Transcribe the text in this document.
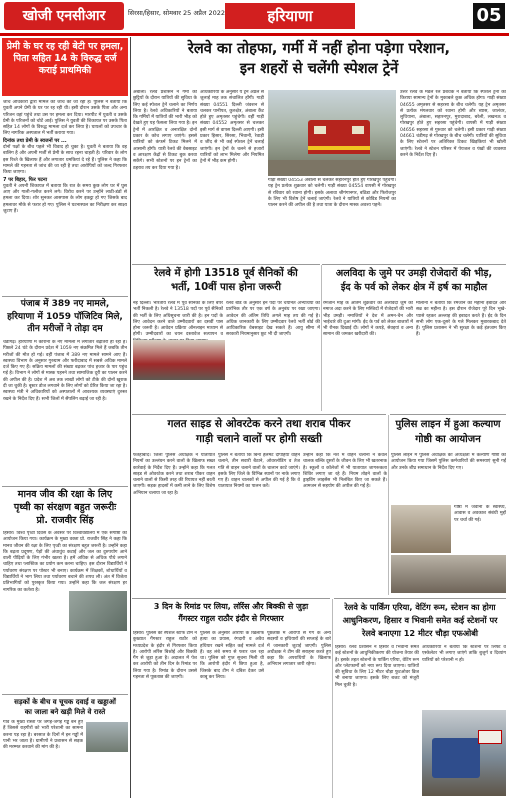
खोजी एनसीआर	सिरसा/हिसार, सोमवार 25 अप्रैल 2022	हरियाणा	05
प्रेमी के घर रह रही बेटी पर हमला, पिता सहित 14 के विरुद्ध दर्ज कराई प्राथमिकी
जांच अधिकारी द्वारा मामले की जांच की जा रही है। पुलिस ने बताया कि युवती अपने प्रेमी के घर पर रह रही थी। इसी दौरान उसके पिता और अन्य परिजन वहां पहुंचे तथा उस पर हमला कर दिया। मारपीट में युवती व उसके प्रेमी के परिजनों को चोटें आईं। पुलिस ने युवती की शिकायत पर उसके पिता सहित 14 लोगों के विरुद्ध मामला दर्ज कर लिया है। घायलों को उपचार के लिए नागरिक अस्पताल में भर्ती कराया गया।
दिनांक तथा प्रेमी के स्वजनों पर ...
दोनों पक्षों के बीच पहले भी विवाद हो चुका है। युवती ने बताया कि वह बालिग है और अपनी मर्जी से प्रेमी के साथ रहना चाहती है। परिवार के लोग इस रिश्ते के खिलाफ हैं और लगातार धमकियां दे रहे हैं। पुलिस ने कहा कि मामले की गहनता से जांच की जा रही है तथा आरोपियों को जल्द गिरफ्तार किया जाएगा।
7 पर बिहार, फिर पटना
युवती ने अपनी शिकायत में बताया कि रात के समय कुछ लोग घर में घुस आए और गाली-गलौज करने लगे। विरोध करने पर उन्होंने लाठी-डंडों से हमला कर दिया। शोर सुनकर आसपास के लोग इकट्ठा हो गए जिसके बाद हमलावर मौके से फरार हो गए। पुलिस ने घटनास्थल का निरीक्षण कर साक्ष्य जुटाए हैं।
पंजाब में 389 नए मामले,
हरियाणा में 1059 पॉजिटिव मिले,
तीन मरीजों ने तोड़ा दम
चंडीगढ़। हरियाणा में कोरोना के नए मामलों में लगातार बढ़ोतरी हो रही है। पिछले 24 घंटे के दौरान प्रदेश में 1059 नए संक्रमित मिले हैं जबकि तीन मरीजों की मौत हो गई। वहीं पंजाब में 389 नए मामले सामने आए हैं। स्वास्थ्य विभाग के अनुसार गुरुग्राम और फरीदाबाद में सबसे अधिक मामले दर्ज किए गए हैं। सक्रिय मामलों की संख्या बढ़कर पांच हजार के पार पहुंच गई है। विभाग ने लोगों से मास्क पहनने तथा सामाजिक दूरी का पालन करने की अपील की है। प्रदेश में अब तक लाखों लोगों को टीके की दोनों खुराक दी जा चुकी है। बूस्टर डोज लगवाने के लिए लोगों को प्रेरित किया जा रहा है। स्वास्थ्य मंत्री ने अधिकारियों को अस्पतालों में आवश्यक व्यवस्थाएं दुरुस्त रखने के निर्देश दिए हैं। सभी जिलों में सैंपलिंग बढ़ाई जा रही है।
मानव जीव की रक्षा के लिए
पृथ्वी का संरक्षण बहुत जरूरीः
प्रो. राजवीर सिंह
हिसार। विश्व पृथ्वी दिवस के अवसर पर विश्वविद्यालय में एक संगोष्ठी का आयोजन किया गया। कार्यक्रम के मुख्य वक्ता प्रो. राजवीर सिंह ने कहा कि मानव जीवन की रक्षा के लिए पृथ्वी का संरक्षण बहुत जरूरी है। उन्होंने कहा कि बढ़ता प्रदूषण, पेड़ों की अंधाधुंध कटाई और जल का दुरुपयोग आने वाली पीढ़ियों के लिए गंभीर खतरा है। हमें अधिक से अधिक पौधे लगाने चाहिए तथा प्लास्टिक का प्रयोग कम करना चाहिए। इस दौरान विद्यार्थियों ने पर्यावरण संरक्षण पर पोस्टर भी बनाए। कार्यक्रम में शिक्षकों, शोधार्थियों व विद्यार्थियों ने भाग लिया तथा पर्यावरण बचाने की शपथ ली। अंत में विजेता प्रतिभागियों को पुरस्कृत किया गया। उन्होंने कहा कि जल संरक्षण हर नागरिक का कर्तव्य है।
सड़कों के बीच व चूचक दवाई व खड्डाओं
का जाला बने खड़ी मिले वे रास्ते
गांव के मुख्य रास्तों पर जगह-जगह गड्ढे बने हुए हैं जिससे राहगीरों को भारी परेशानी का सामना करना पड़ रहा है। बरसात के दिनों में इन गड्ढों में पानी भर जाता है। ग्रामीणों ने प्रशासन से सड़क की मरम्मत करवाने की मांग की है।
रेलवे का तोहफा, गर्मी में नहीं होना पड़ेगा परेशान,
इन शहरों से चलेंगी स्पेशल ट्रेनें
अंबाला। रेलवे प्रशासन ने गर्मी की छुट्टियों के दौरान यात्रियों की सुविधा के लिए कई स्पेशल ट्रेनें चलाने का निर्णय लिया है। रेलवे अधिकारियों ने बताया कि गर्मियों में यात्रियों की भारी भीड़ को देखते हुए यह फैसला लिया गया है। इन ट्रेनों में आरक्षित व अनारक्षित दोनों प्रकार के कोच लगाए जाएंगे। इससे यात्रियों को कंफर्म टिकट मिलने में आसानी होगी। यात्री रेलवे की वेबसाइट व आरक्षण केंद्रों से टिकट बुक करवा सकेंगे। सभी स्टेशनों पर इन ट्रेनों का ठहराव तय कर दिया गया है।
अधिकारियों के अनुसार ये ट्रेनें अप्रैल से जुलाई माह तक संचालित होंगी। गाड़ी संख्या 04551 दिल्ली जंक्शन से चलकर पानीपत, कुरुक्षेत्र, अंबाला कैंट होते हुए अमृतसर पहुंचेगी। वहीं गाड़ी संख्या 04552 अमृतसर से चलकर इसी मार्ग से वापस दिल्ली आएगी। इसी प्रकार हिसार, सिरसा, भिवानी, रेवाड़ी व जींद से भी कई स्पेशल ट्रेनें चलाई जाएंगी। इन ट्रेनों के चलने से हजारों यात्रियों को लाभ मिलेगा और नियमित ट्रेनों में भीड़ कम होगी।
गाड़ी संख्या 04553 अंबाला से चलकर सहारनपुर होते हुए गोरखपुर पहुंचेगी। यह ट्रेन प्रत्येक शुक्रवार को चलेगी। गाड़ी संख्या 04554 वापसी में गोरखपुर से रविवार को रवाना होगी। इसके अलावा श्रीगंगानगर, बठिंडा और फिरोजपुर के लिए भी विशेष ट्रेनें चलाई जाएंगी। रेलवे ने यात्रियों से कोविड नियमों का पालन करने की अपील की है तथा यात्रा के दौरान मास्क अवश्य पहनें।
उत्तर रेलवे के मंडल रेल प्रबंधक ने बताया कि स्पेशल ट्रेनों का किराया सामान्य ट्रेनों के मुकाबले कुछ अधिक होगा। गाड़ी संख्या 04655 अमृतसर से सहरसा के बीच चलेगी। यह ट्रेन अमृतसर से प्रत्येक मंगलवार को रवाना होगी और ब्यास, जालंधर, लुधियाना, अंबाला, सहारनपुर, मुरादाबाद, बरेली, लखनऊ व गोरखपुर होते हुए सहरसा पहुंचेगी। वापसी में गाड़ी संख्या 04656 सहरसा से गुरुवार को चलेगी। इसी प्रकार गाड़ी संख्या 04661 चंडीगढ़ से गोरखपुर के बीच चलेगी। यात्रियों की सुविधा के लिए स्टेशनों पर अतिरिक्त टिकट खिड़कियां भी खोली जाएंगी। रेलवे ने स्टेशन परिसर में पेयजल व पंखों की व्यवस्था करने के निर्देश दिए हैं।
रेलवे में होगी 13518 पूर्व सैनिकों की
भर्ती, 10वीं पास होना जरूरी
नई दिल्ली। भारतीय रेलवे में पूर्व सैनिकों के लिए बंपर भर्ती निकली है। रेलवे ने 13518 पदों पर पूर्व सैनिकों की भर्ती के लिए अधिसूचना जारी की है। इन पदों के लिए आवेदन करने वाले उम्मीदवारों का दसवीं पास होना जरूरी है। आवेदन प्रक्रिया ऑनलाइन माध्यम से होगी। उम्मीदवारों का चयन दस्तावेज सत्यापन व
रेलवे बोर्ड के अनुसार इन पदों पर चयनित अभ्यर्थियों को प्रारंभिक तौर पर एक वर्ष के अनुबंध पर रखा जाएगा। आवेदन की अंतिम तिथि अगले माह तय की गई है। अधिक जानकारी के लिए उम्मीदवार रेलवे भर्ती बोर्ड की आधिकारिक वेबसाइट देख सकते हैं। आयु सीमा में सरकारी नियमानुसार छूट भी दी जाएगी।
अलविदा के जुमे पर उमड़ी रोजेदारों की भीड़,
ईद के पर्व को लेकर क्षेत्र में हर्ष का माहौल
रमजान माह के अंतिम शुक्रवार को अलविदा जुमे की नमाज अदा करने के लिए मस्जिदों में रोजेदारों की भारी भीड़ उमड़ी। नमाजियों ने देश में अमन-चैन और भाईचारे की दुआ मांगी। ईद के पर्व को लेकर बाजारों में भी रौनक दिखाई दी। लोगों ने कपड़े, सेवइयां व अन्य सामान की जमकर खरीदारी की।
मौलाना ने बताया कि रमजान का महीना इबादत और सब्र का महीना है। इस दौरान रोजेदार पूरे दिन भूखे-प्यासे रहकर अल्लाह की इबादत करते हैं। ईद के दिन सभी लोग एक-दूसरे के गले मिलकर मुबारकबाद देते हैं। पुलिस प्रशासन ने भी सुरक्षा के कड़े इंतजाम किए हैं।
गलत साइड से ओवरटेक करने तथा शराब पीकर
गाड़ी चलाने वालों पर होगी सख्ती
फतेहाबाद। जिला पुलिस अधीक्षक ने यातायात नियमों का उल्लंघन करने वालों के खिलाफ सख्त कार्रवाई के निर्देश दिए हैं। उन्होंने कहा कि गलत साइड से ओवरटेक करने तथा शराब पीकर वाहन चलाने वालों से किसी तरह की रियायत नहीं बरती जाएगी। सड़क हादसों में कमी लाने के लिए विशेष अभियान चलाया जा रहा है।
पुलिस ने बताया कि बिना हेलमेट दोपहिया वाहन चलाने, तीन सवारी बैठाने, ओवरलोडिंग व तेज गति से वाहन चलाने वालों के चालान काटे जाएंगे। इसके लिए जिले के विभिन्न स्थानों पर नाके लगाए गए हैं। वाहन चालकों से अपील की गई है कि वे यातायात नियमों का पालन करें।
उन्होंने कहा कि नशे में वाहन चलाना न केवल चालक बल्कि दूसरों के जीवन के लिए भी खतरनाक है। स्कूलों व कॉलेजों में भी यातायात जागरूकता शिविर लगाए जा रहे हैं। नियम तोड़ने वालों के ड्राइविंग लाइसेंस भी निलंबित किए जा सकते हैं। आमजन से सहयोग की अपील की गई है।
पुलिस लाइन में हुआ कल्याण
गोष्ठी का आयोजन
पुलिस लाइन में पुलिस अधीक्षक की अध्यक्षता में कल्याण गोष्ठी का आयोजन किया गया जिसमें पुलिस कर्मचारियों की समस्याएं सुनी गईं और उनके शीघ्र समाधान के निर्देश दिए गए।
गोष्ठी में जवानों के स्वास्थ्य, आवास व अवकाश संबंधी मुद्दों पर चर्चा की गई।
3 दिन के रिमांड पर लिया, लॉरेंस और बिक्की से जुड़ा
गैंगस्टर राहुल राठौर इंदौर से गिरफ्तार
हिसार। पुलिस की स्पेशल स्टाफ टीम ने कुख्यात गैंगस्टर राहुल राठौर को मध्यप्रदेश के इंदौर से गिरफ्तार किया है। आरोपी लॉरेंस बिश्नोई और बिक्की गैंग से जुड़ा हुआ है। अदालत में पेश कर आरोपी को तीन दिन के रिमांड पर लिया गया है। रिमांड के दौरान उससे गहनता से पूछताछ की जाएगी।
पुलिस के अनुसार आरोपी के खिलाफ हत्या का प्रयास, रंगदारी व अवैध हथियार रखने सहित कई मामले दर्ज हैं। वह लंबे समय से फरार चल रहा था। पुलिस को गुप्त सूचना मिली थी कि आरोपी इंदौर में छिपा हुआ है, जिसके बाद टीम ने दबिश देकर उसे काबू कर लिया।
पूछताछ में आरोपी से गैंग के अन्य सदस्यों व हथियारों की सप्लाई के बारे में जानकारी जुटाई जाएगी। पुलिस अधीक्षक ने टीम की सराहना करते हुए कहा कि अपराधियों के खिलाफ अभियान लगातार जारी रहेगा।
रेलवे के पार्किंग एरिया, वेटिंग रूम, स्टेशन का होगा
आधुनिकरण, हिसार व भिवानी समेत कई स्टेशनों पर
रेलवे बनाएगा 12 मीटर चौड़ा एफओबी
हिसार। रेलवे प्रशासन ने हिसार व भिवानी समेत कई स्टेशनों के आधुनिकीकरण की योजना तैयार की है। इसके तहत स्टेशनों के पार्किंग एरिया, वेटिंग रूम और प्लेटफार्मों को नया रूप दिया जाएगा। यात्रियों की सुविधा के लिए 12 मीटर चौड़ा फुटओवर ब्रिज भी बनाया जाएगा। इसके लिए बजट को मंजूरी मिल चुकी है।
अधिकारियों ने बताया कि स्टेशनों पर लिफ्ट व एस्केलेटर भी लगाए जाएंगे ताकि बुजुर्ग व दिव्यांग यात्रियों को परेशानी न हो।
